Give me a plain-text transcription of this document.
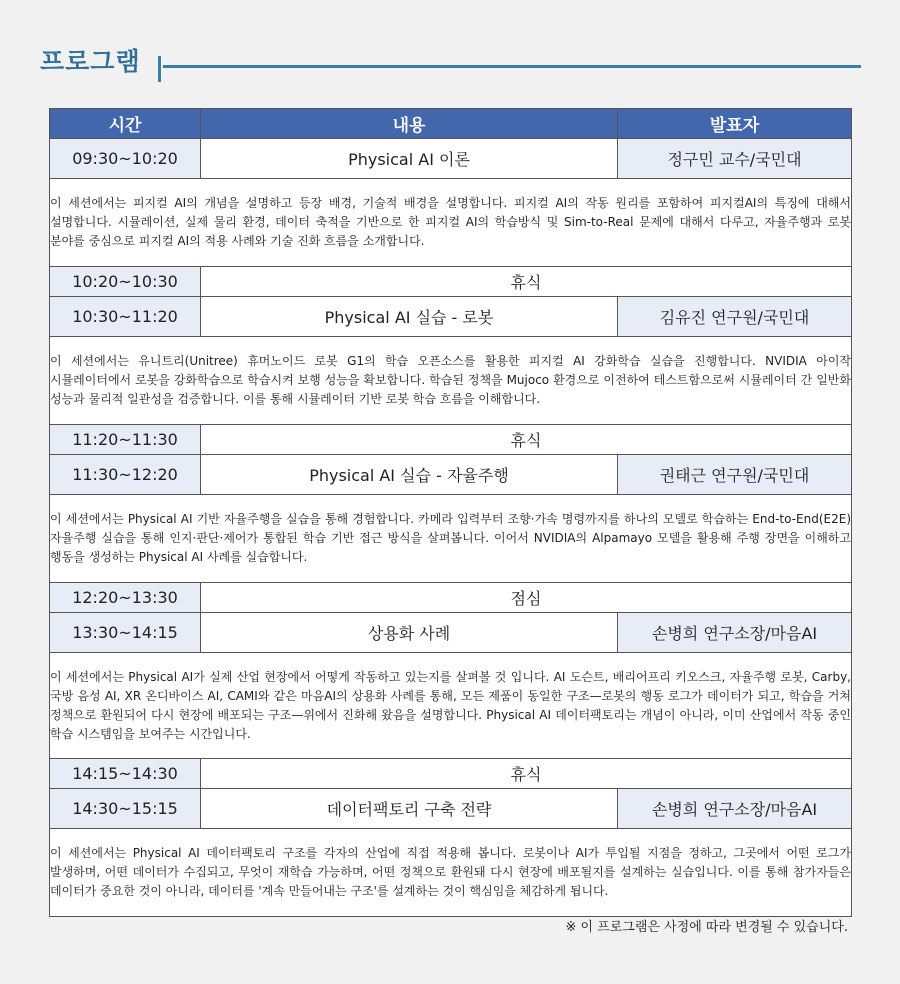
프로그램
시간	내용	발표자
09:30~10:20	Physical AI 이론	정구민 교수/국민대
이 세션에서는 피지컬 AI의 개념을 설명하고 등장 배경, 기술적 배경을 설명합니다. 피지컬 AI의 작동 원리를 포함하여 피지컬AI의 특징에 대해서 설명합니다. 시뮬레이션, 실제 물리 환경, 데이터 축적을 기반으로 한 피지컬 AI의 학습방식 및 Sim-to-Real 문제에 대해서 다루고, 자율주행과 로봇 분야를 중심으로 피지컬 AI의 적용 사례와 기술 진화 흐름을 소개합니다.		
10:20~10:30	휴식	
10:30~11:20	Physical AI 실습 - 로봇	김유진 연구원/국민대
이 세션에서는 유니트리(Unitree) 휴머노이드 로봇 G1의 학습 오픈소스를 활용한 피지컬 AI 강화학습 실습을 진행합니다. NVIDIA 아이작 시뮬레이터에서 로봇을 강화학습으로 학습시켜 보행 성능을 확보합니다. 학습된 정책을 Mujoco 환경으로 이전하여 테스트함으로써 시뮬레이터 간 일반화 성능과 물리적 일관성을 검증합니다. 이를 통해 시뮬레이터 기반 로봇 학습 흐름을 이해합니다.		
11:20~11:30	휴식	
11:30~12:20	Physical AI 실습 - 자율주행	권태근 연구원/국민대
이 세션에서는 Physical AI 기반 자율주행을 실습을 통해 경험합니다. 카메라 입력부터 조향·가속 명령까지를 하나의 모델로 학습하는 End-to-End(E2E) 자율주행 실습을 통해 인지·판단·제어가 통합된 학습 기반 접근 방식을 살펴봅니다. 이어서 NVIDIA의 Alpamayo 모델을 활용해 주행 장면을 이해하고 행동을 생성하는 Physical AI 사례를 실습합니다.		
12:20~13:30	점심	
13:30~14:15	상용화 사례	손병희 연구소장/마음AI
이 세션에서는 Physical AI가 실제 산업 현장에서 어떻게 작동하고 있는지를 살펴볼 것 입니다. AI 도슨트, 배리어프리 키오스크, 자율주행 로봇, Carby, 국방 음성 AI, XR 온디바이스 AI, CAMI와 같은 마음AI의 상용화 사례를 통해, 모든 제품이 동일한 구조—로봇의 행동 로그가 데이터가 되고, 학습을 거쳐 정책으로 환원되어 다시 현장에 배포되는 구조—위에서 진화해 왔음을 설명합니다. Physical AI 데이터팩토리는 개념이 아니라, 이미 산업에서 작동 중인 학습 시스템임을 보여주는 시간입니다.		
14:15~14:30	휴식	
14:30~15:15	데이터팩토리 구축 전략	손병희 연구소장/마음AI
이 세션에서는 Physical AI 데이터팩토리 구조를 각자의 산업에 직접 적용해 봅니다. 로봇이나 AI가 투입될 지점을 정하고, 그곳에서 어떤 로그가 발생하며, 어떤 데이터가 수집되고, 무엇이 재학습 가능하며, 어떤 정책으로 환원돼 다시 현장에 배포될지를 설계하는 실습입니다. 이를 통해 참가자들은 데이터가 중요한 것이 아니라, 데이터를 '계속 만들어내는 구조'를 설계하는 것이 핵심임을 체감하게 됩니다.		
※ 이 프로그램은 사정에 따라 변경될 수 있습니다.
